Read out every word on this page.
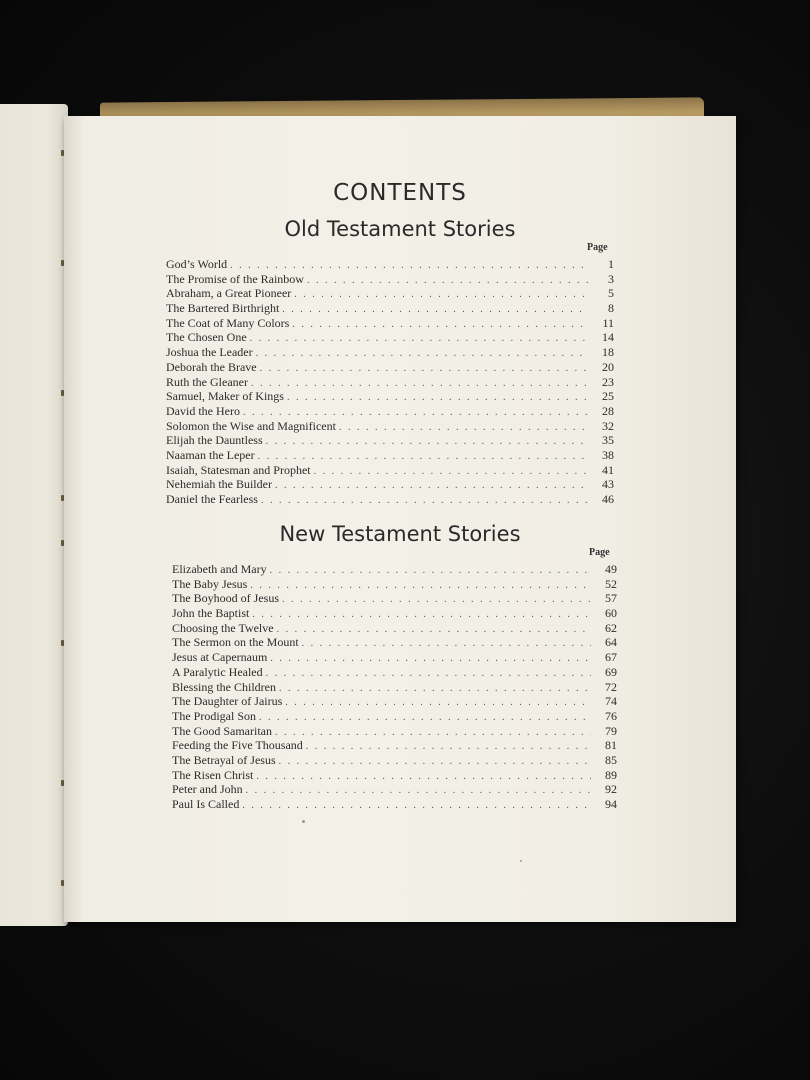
CONTENTS
Old Testament Stories
Page
God’s World . . .	1
The Promise of the Rainbow . . .	3
Abraham, a Great Pioneer . . .	5
The Bartered Birthright . . .	8
The Coat of Many Colors . . .	11
The Chosen One . . .	14
Joshua the Leader . . .	18
Deborah the Brave . . .	20
Ruth the Gleaner . . .	23
Samuel, Maker of Kings . . .	25
David the Hero . . .	28
Solomon the Wise and Magnificent . . .	32
Elijah the Dauntless . . .	35
Naaman the Leper . . .	38
Isaiah, Statesman and Prophet . . .	41
Nehemiah the Builder . . .	43
Daniel the Fearless . . .	46
New Testament Stories
Page
Elizabeth and Mary . . .	49
The Baby Jesus . . .	52
The Boyhood of Jesus . . .	57
John the Baptist . . .	60
Choosing the Twelve . . .	62
The Sermon on the Mount . . .	64
Jesus at Capernaum . . .	67
A Paralytic Healed . . .	69
Blessing the Children . . .	72
The Daughter of Jairus . . .	74
The Prodigal Son . . .	76
The Good Samaritan . . .	79
Feeding the Five Thousand . . .	81
The Betrayal of Jesus . . .	85
The Risen Christ . . .	89
Peter and John . . .	92
Paul Is Called . . .	94
